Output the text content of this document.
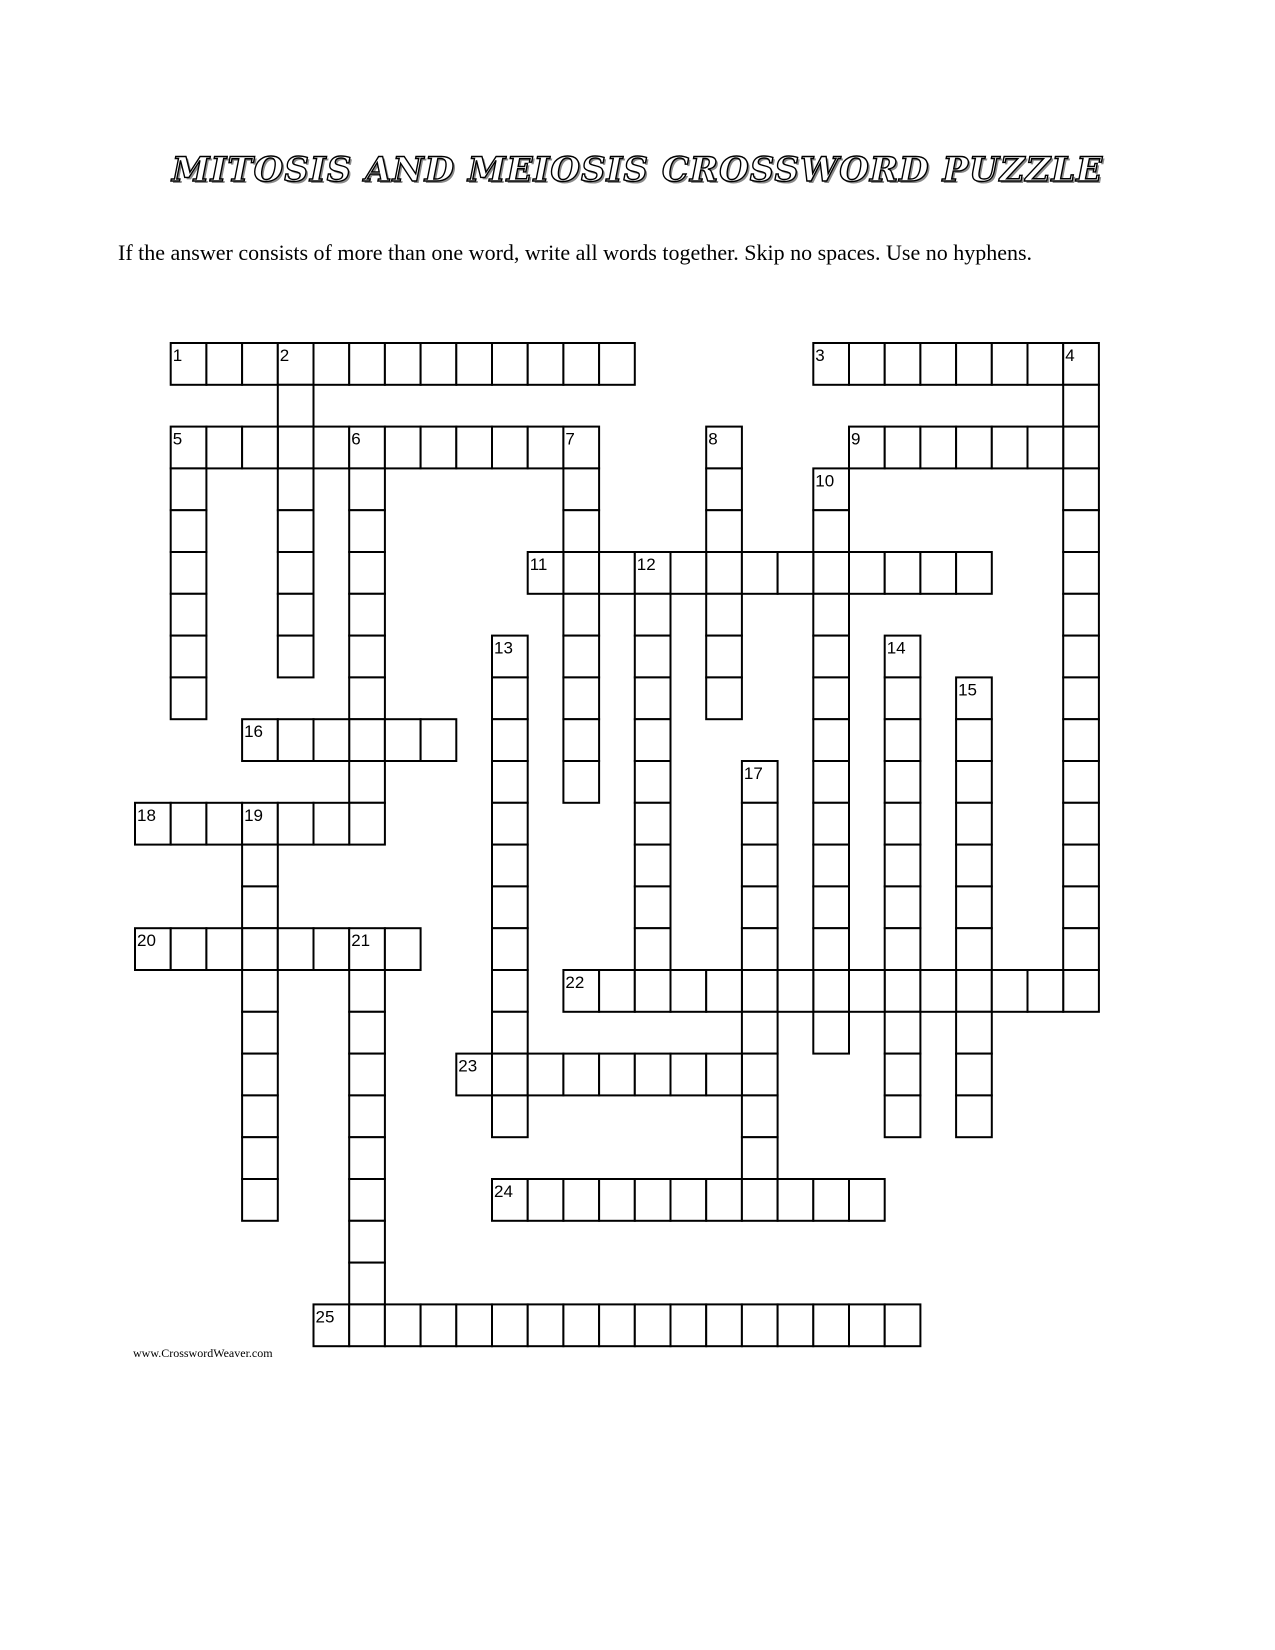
MITOSIS AND MEIOSIS CROSSWORD PUZZLE
If the answer consists of more than one word, write all words together. Skip no spaces. Use no hyphens.
1	2	3	4
5	6	7	8	9
10
11	12
13	14
15
16
17
18	19
20	21
22
23
24
25
www.CrosswordWeaver.com
